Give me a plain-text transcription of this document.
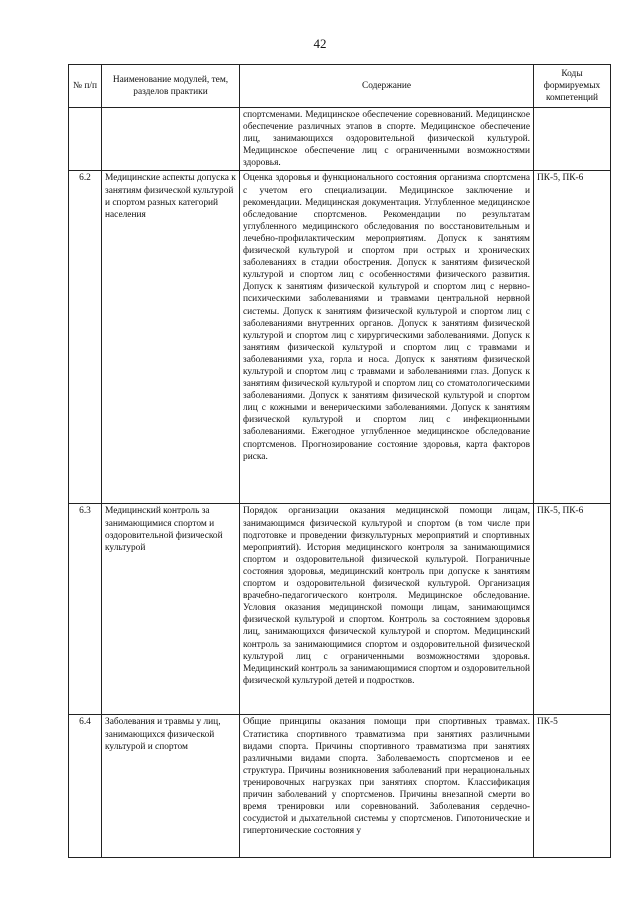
42
№ п/п	Наименование модулей, тем, разделов практики	Содержание	Коды формируемых компетенций
		спортсменами. Медицинское обеспечение соревнований. Медицинское обеспечение различных этапов в спорте. Медицинское обеспечение лиц, занимающихся оздоровительной физической культурой. Медицинское обеспечение лиц с ограниченными возможностями здоровья.	
6.2	Медицинские аспекты допуска к занятиям физической культурой и спортом разных категорий населения	Оценка здоровья и функционального состояния организма спортсмена с учетом его специализации. Медицинское заключение и рекомендации. Медицинская документация. Углубленное медицинское обследование спортсменов. Рекомендации по результатам углубленного медицинского обследования по восстановительным и лечебно-профилактическим мероприятиям. Допуск к занятиям физической культурой и спортом при острых и хронических заболеваниях в стадии обострения. Допуск к занятиям физической культурой и спортом лиц с особенностями физического развития. Допуск к занятиям физической культурой и спортом лиц с нервно-психическими заболеваниями и травмами центральной нервной системы. Допуск к занятиям физической культурой и спортом лиц с заболеваниями внутренних органов. Допуск к занятиям физической культурой и спортом лиц с хирургическими заболеваниями. Допуск к занятиям физической культурой и спортом лиц с травмами и заболеваниями уха, горла и носа. Допуск к занятиям физической культурой и спортом лиц с травмами и заболеваниями глаз. Допуск к занятиям физической культурой и спортом лиц со стоматологическими заболеваниями. Допуск к занятиям физической культурой и спортом лиц с кожными и венерическими заболеваниями. Допуск к занятиям физической культурой и спортом лиц с инфекционными заболеваниями. Ежегодное углубленное медицинское обследование спортсменов. Прогнозирование состояние здоровья, карта факторов риска.	ПК-5, ПК-6
6.3	Медицинский контроль за занимающимися спортом и оздоровительной физической культурой	Порядок организации оказания медицинской помощи лицам, занимающимся физической культурой и спортом (в том числе при подготовке и проведении физкультурных мероприятий и спортивных мероприятий). История медицинского контроля за занимающимися спортом и оздоровительной физической культурой. Пограничные состояния здоровья, медицинский контроль при допуске к занятиям спортом и оздоровительной физической культурой. Организация врачебно-педагогического контроля. Медицинское обследование. Условия оказания медицинской помощи лицам, занимающимся физической культурой и спортом. Контроль за состоянием здоровья лиц, занимающихся физической культурой и спортом. Медицинский контроль за занимающимися спортом и оздоровительной физической культурой лиц с ограниченными возможностями здоровья. Медицинский контроль за занимающимися спортом и оздоровительной физической культурой детей и подростков.	ПК-5, ПК-6
6.4	Заболевания и травмы у лиц, занимающихся физической культурой и спортом	Общие принципы оказания помощи при спортивных травмах. Статистика спортивного травматизма при занятиях различными видами спорта. Причины спортивного травматизма при занятиях различными видами спорта. Заболеваемость спортсменов и ее структура. Причины возникновения заболеваний при нерациональных тренировочных нагрузках при занятиях спортом. Классификация причин заболеваний у спортсменов. Причины внезапной смерти во время тренировки или соревнований. Заболевания сердечно-сосудистой и дыхательной системы у спортсменов. Гипотонические и гипертонические состояния у	ПК-5
